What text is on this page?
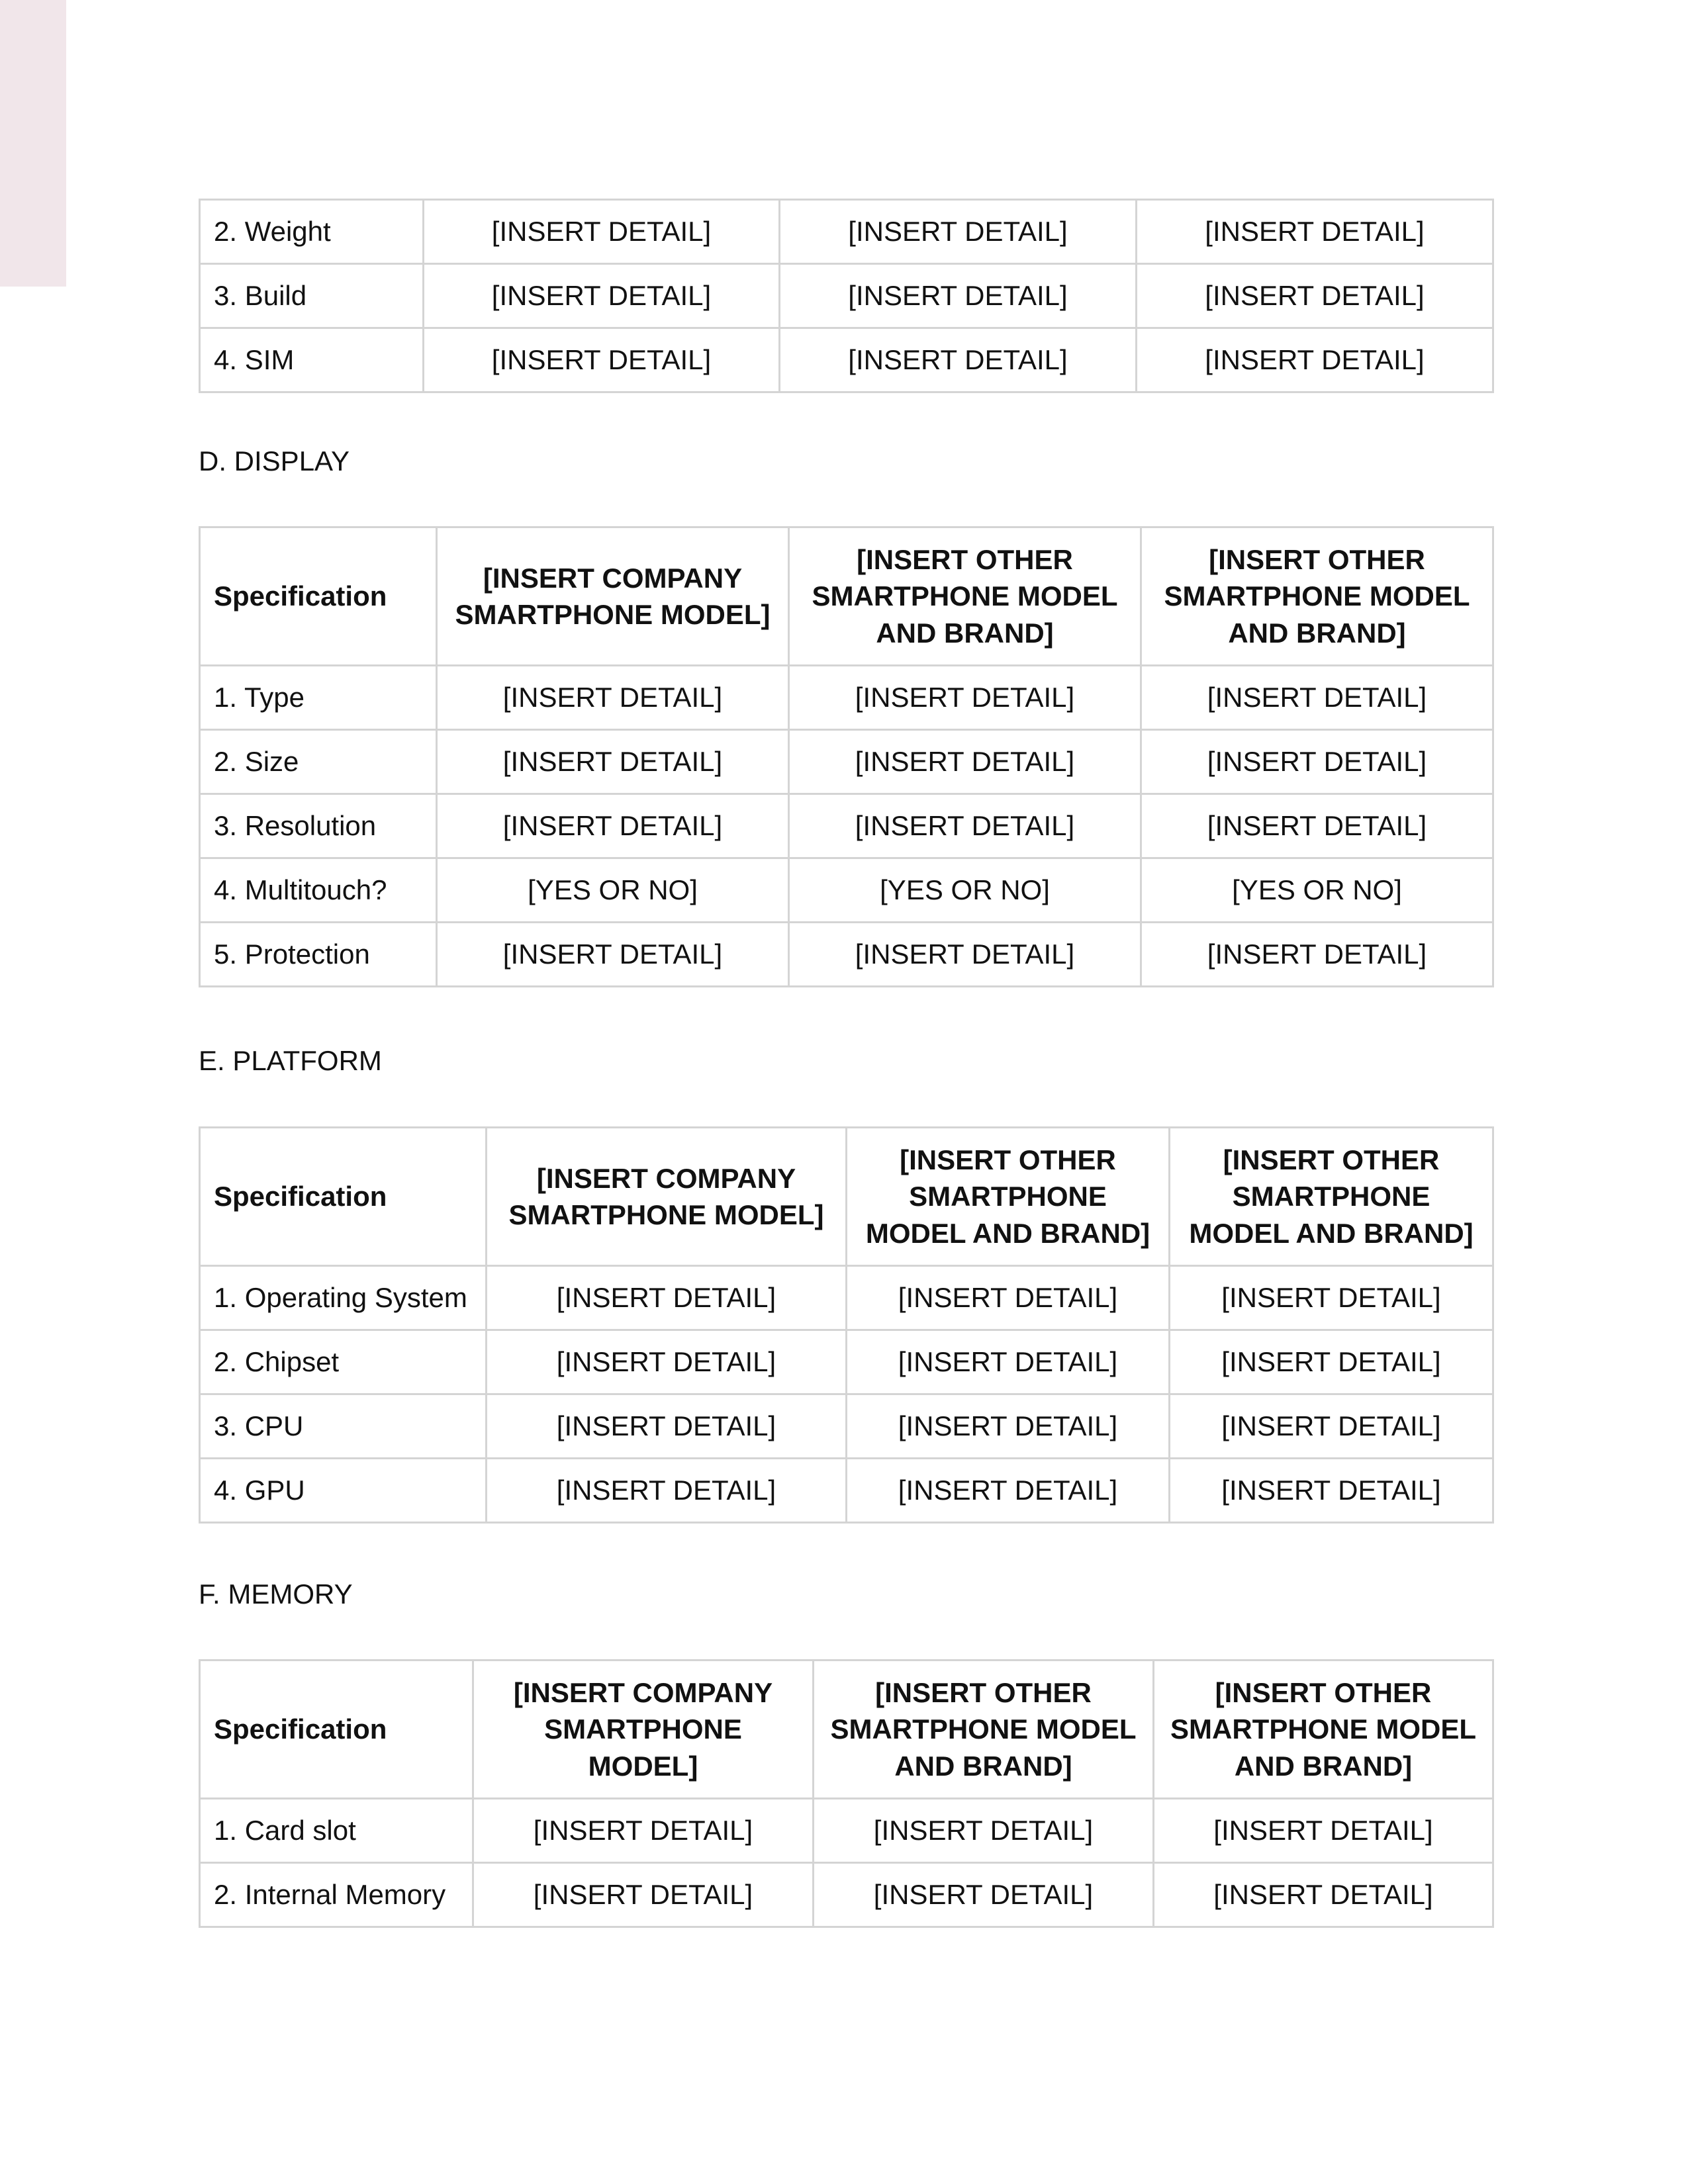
2. Weight	[INSERT DETAIL]	[INSERT DETAIL]	[INSERT DETAIL]
3. Build	[INSERT DETAIL]	[INSERT DETAIL]	[INSERT DETAIL]
4. SIM	[INSERT DETAIL]	[INSERT DETAIL]	[INSERT DETAIL]
D. DISPLAY
Specification	[INSERT COMPANY SMARTPHONE MODEL]	[INSERT OTHER SMARTPHONE MODEL AND BRAND]	[INSERT OTHER SMARTPHONE MODEL AND BRAND]
1. Type	[INSERT DETAIL]	[INSERT DETAIL]	[INSERT DETAIL]
2. Size	[INSERT DETAIL]	[INSERT DETAIL]	[INSERT DETAIL]
3. Resolution	[INSERT DETAIL]	[INSERT DETAIL]	[INSERT DETAIL]
4. Multitouch?	[YES OR NO]	[YES OR NO]	[YES OR NO]
5. Protection	[INSERT DETAIL]	[INSERT DETAIL]	[INSERT DETAIL]
E. PLATFORM
Specification	[INSERT COMPANY SMARTPHONE MODEL]	[INSERT OTHER SMARTPHONE MODEL AND BRAND]	[INSERT OTHER SMARTPHONE MODEL AND BRAND]
1. Operating System	[INSERT DETAIL]	[INSERT DETAIL]	[INSERT DETAIL]
2. Chipset	[INSERT DETAIL]	[INSERT DETAIL]	[INSERT DETAIL]
3. CPU	[INSERT DETAIL]	[INSERT DETAIL]	[INSERT DETAIL]
4. GPU	[INSERT DETAIL]	[INSERT DETAIL]	[INSERT DETAIL]
F. MEMORY
Specification	[INSERT COMPANY SMARTPHONE MODEL]	[INSERT OTHER SMARTPHONE MODEL AND BRAND]	[INSERT OTHER SMARTPHONE MODEL AND BRAND]
1. Card slot	[INSERT DETAIL]	[INSERT DETAIL]	[INSERT DETAIL]
2. Internal Memory	[INSERT DETAIL]	[INSERT DETAIL]	[INSERT DETAIL]
